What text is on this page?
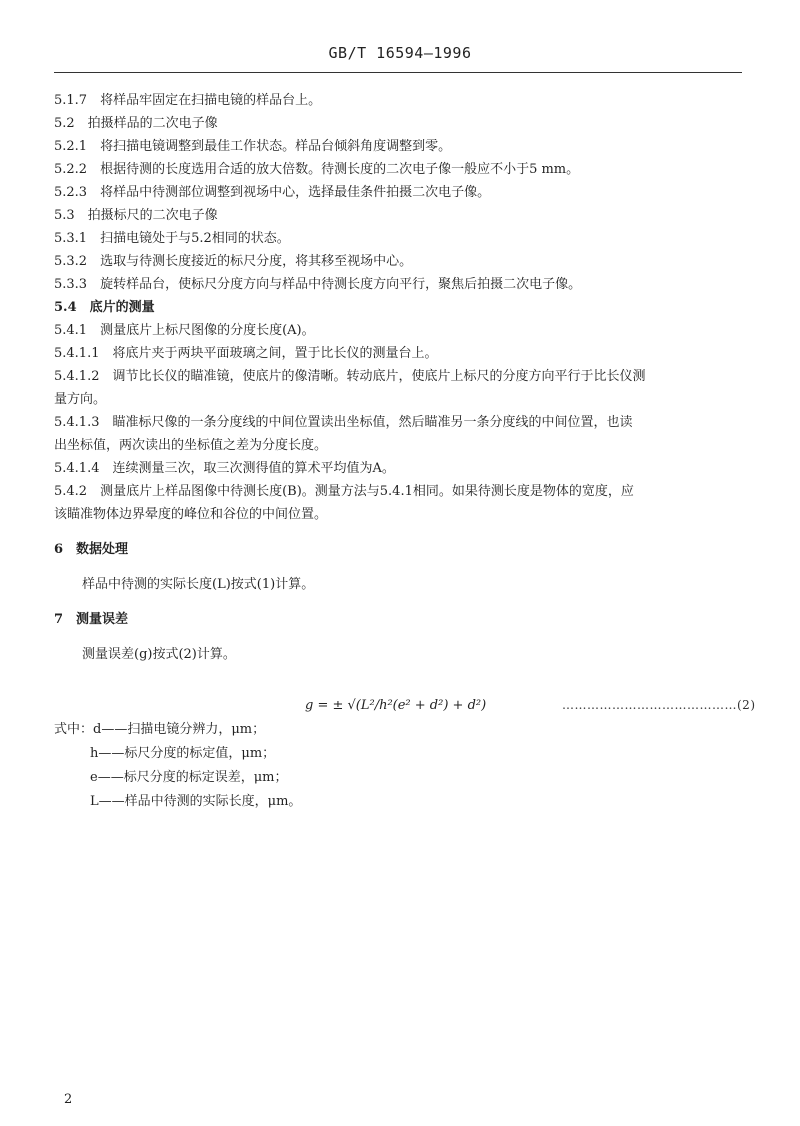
GB/T 16594—1996
5.1.7　将样品牢固定在扫描电镜的样品台上。
5.2　拍摄样品的二次电子像
5.2.1　将扫描电镜调整到最佳工作状态。样品台倾斜角度调整到零。
5.2.2　根据待测的长度选用合适的放大倍数。待测长度的二次电子像一般应不小于5 mm。
5.2.3　将样品中待测部位调整到视场中心，选择最佳条件拍摄二次电子像。
5.3　拍摄标尺的二次电子像
5.3.1　扫描电镜处于与5.2相同的状态。
5.3.2　选取与待测长度接近的标尺分度，将其移至视场中心。
5.3.3　旋转样品台，使标尺分度方向与样品中待测长度方向平行，聚焦后拍摄二次电子像。
5.4　底片的测量
5.4.1　测量底片上标尺图像的分度长度(A)。
5.4.1.1　将底片夹于两块平面玻璃之间，置于比长仪的测量台上。
5.4.1.2　调节比长仪的瞄准镜，使底片的像清晰。转动底片，使底片上标尺的分度方向平行于比长仪测
量方向。
5.4.1.3　瞄准标尺像的一条分度线的中间位置读出坐标值，然后瞄准另一条分度线的中间位置，也读
出坐标值，两次读出的坐标值之差为分度长度。
5.4.1.4　连续测量三次，取三次测得值的算术平均值为A。
5.4.2　测量底片上样品图像中待测长度(B)。测量方法与5.4.1相同。如果待测长度是物体的宽度，应
该瞄准物体边界晕度的峰位和谷位的中间位置。
6　数据处理
样品中待测的实际长度(L)按式(1)计算。
7　测量误差
测量误差(g)按式(2)计算。
g = ± √(L²/h²(e² + d²) + d²)	……………………………………(2)
式中：d——扫描电镜分辨力，μm；
h——标尺分度的标定值，μm；
e——标尺分度的标定误差，μm；
L——样品中待测的实际长度，μm。
2
